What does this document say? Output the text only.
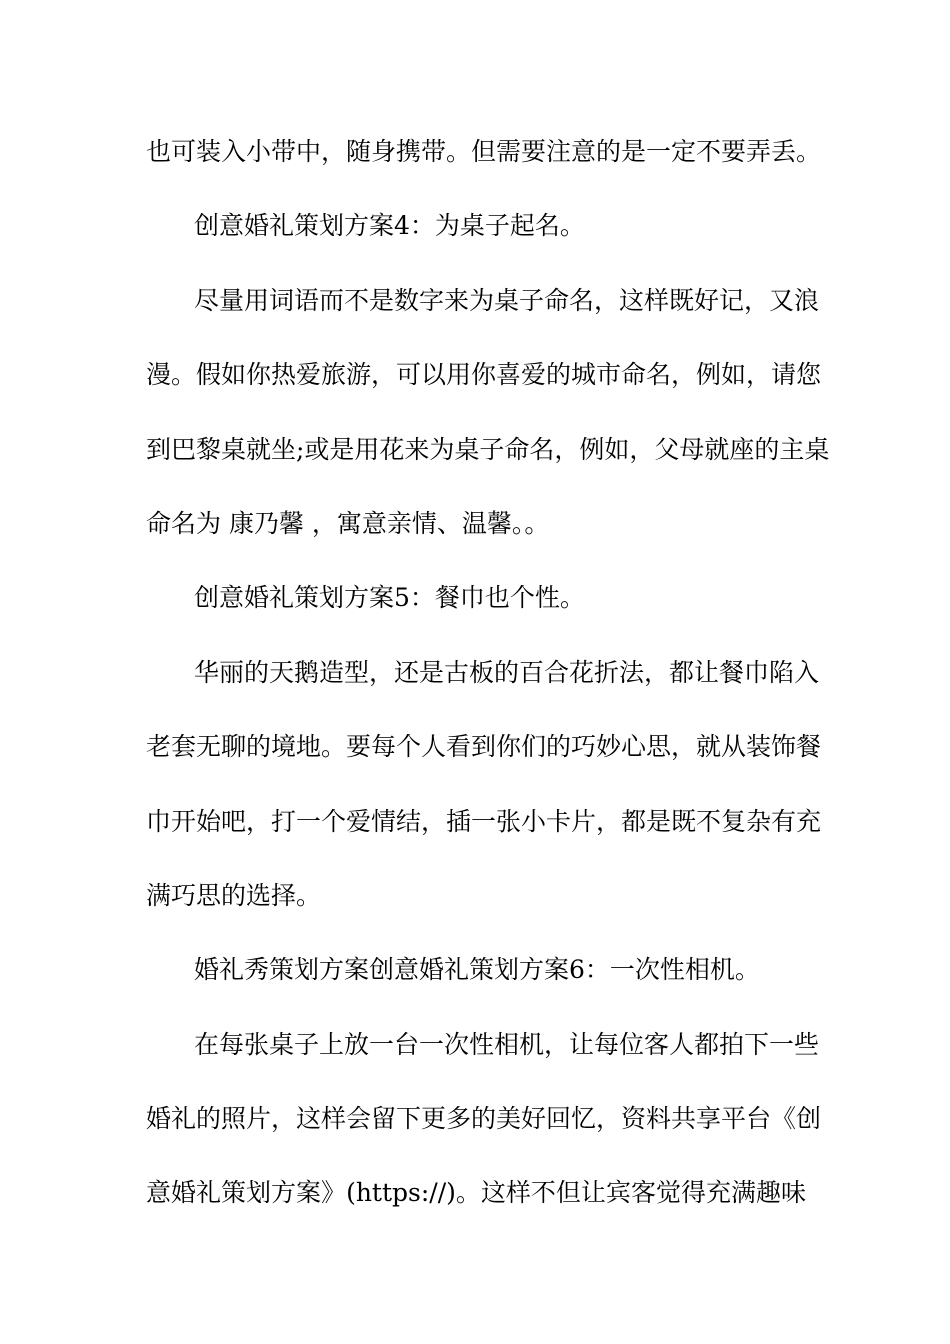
也可装入小带中，随身携带。但需要注意的是一定不要弄丢。
创意婚礼策划方案4：为桌子起名。
尽量用词语而不是数字来为桌子命名，这样既好记，又浪
漫。假如你热爱旅游，可以用你喜爱的城市命名，例如，请您
到巴黎桌就坐;或是用花来为桌子命名，例如，父母就座的主桌
命名为 康乃馨 ，寓意亲情、温馨。。
创意婚礼策划方案5：餐巾也个性。
华丽的天鹅造型，还是古板的百合花折法，都让餐巾陷入
老套无聊的境地。要每个人看到你们的巧妙心思，就从装饰餐
巾开始吧，打一个爱情结，插一张小卡片，都是既不复杂有充
满巧思的选择。
婚礼秀策划方案创意婚礼策划方案6：一次性相机。
在每张桌子上放一台一次性相机，让每位客人都拍下一些
婚礼的照片，这样会留下更多的美好回忆，资料共享平台《创
意婚礼策划方案》(https://)。这样不但让宾客觉得充满趣味
